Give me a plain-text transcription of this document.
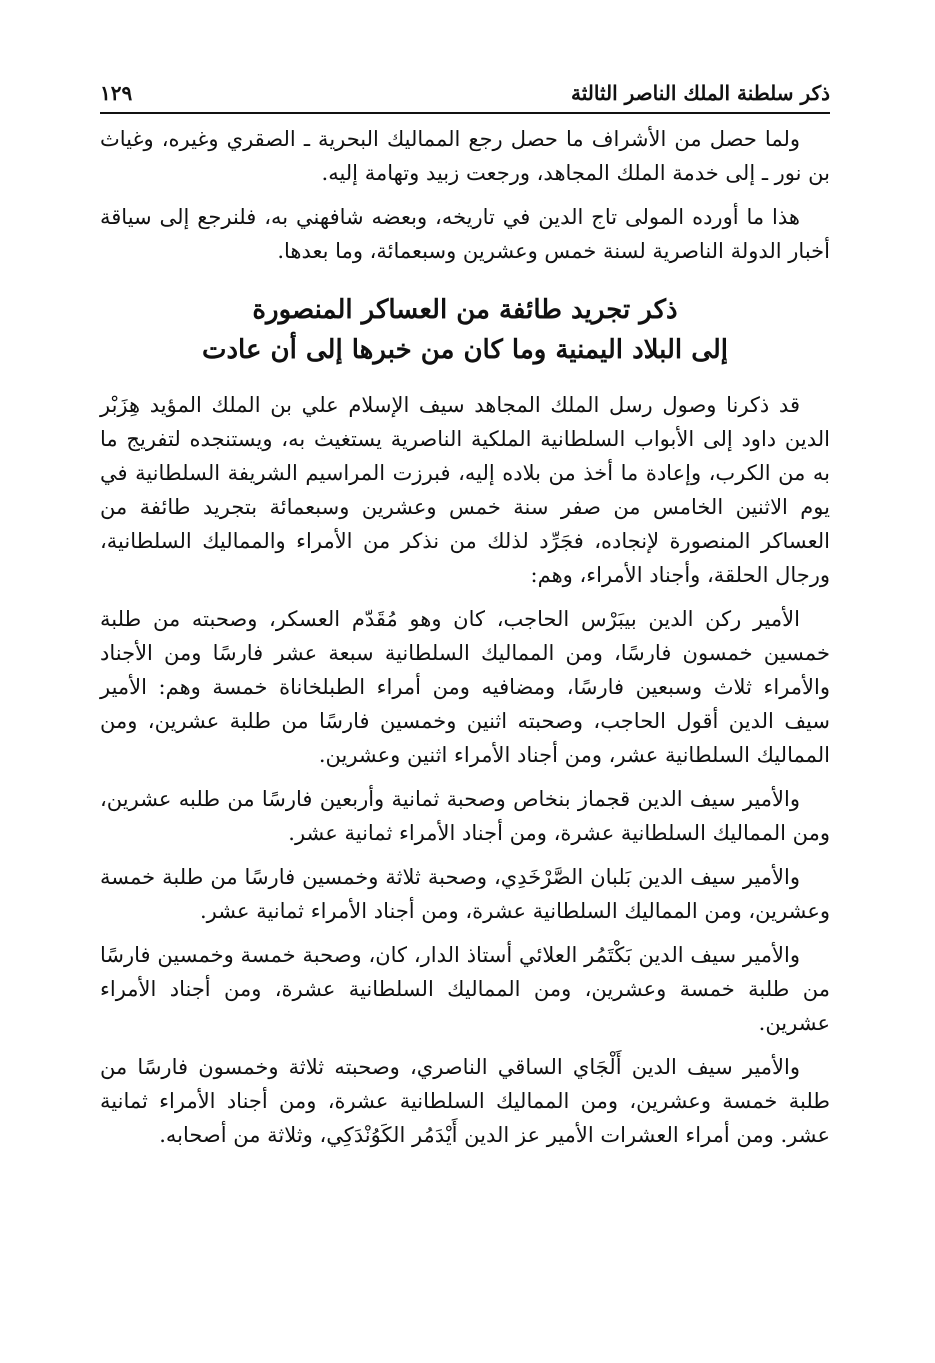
ذكر سلطنة الملك الناصر الثالثة
١٢٩

ولما حصل من الأشراف ما حصل رجع المماليك البحرية ـ الصقري وغيره، وغياث بن نور ـ إلى خدمة الملك المجاهد، ورجعت زبيد وتهامة إليه.

هذا ما أورده المولى تاج الدين في تاريخه، وبعضه شافهني به، فلنرجع إلى سياقة أخبار الدولة الناصرية لسنة خمس وعشرين وسبعمائة، وما بعدها.

ذكر تجريد طائفة من العساكر المنصورة
إلى البلاد اليمنية وما كان من خبرها إلى أن عادت

قد ذكرنا وصول رسل الملك المجاهد سيف الإسلام علي بن الملك المؤيد هِزَبْر الدين داود إلى الأبواب السلطانية الملكية الناصرية يستغيث به، ويستنجده لتفريج ما به من الكرب، وإعادة ما أخذ من بلاده إليه، فبرزت المراسيم الشريفة السلطانية في يوم الاثنين الخامس من صفر سنة خمس وعشرين وسبعمائة بتجريد طائفة من العساكر المنصورة لإنجاده، فجَرِّد لذلك من نذكر من الأمراء والمماليك السلطانية، ورجال الحلقة، وأجناد الأمراء، وهم:

الأمير ركن الدين بيبَرْس الحاجب، كان وهو مُقَدّم العسكر، وصحبته من طلبة خمسين خمسون فارسًا، ومن المماليك السلطانية سبعة عشر فارسًا ومن الأجناد والأمراء ثلاث وسبعين فارسًا، ومضافيه ومن أمراء الطبلخاناة خمسة وهم: الأمير سيف الدين أقول الحاجب، وصحبته اثنين وخمسين فارسًا من طلبة عشرين، ومن المماليك السلطانية عشر، ومن أجناد الأمراء اثنين وعشرين.

والأمير سيف الدين قجماز بنخاص وصحبة ثمانية وأربعين فارسًا من طلبه عشرين، ومن المماليك السلطانية عشرة، ومن أجناد الأمراء ثمانية عشر.

والأمير سيف الدين بَلبان الصَّرْخَدِي، وصحبة ثلاثة وخمسين فارسًا من طلبة خمسة وعشرين، ومن المماليك السلطانية عشرة، ومن أجناد الأمراء ثمانية عشر.

والأمير سيف الدين بَكْتَمُر العلائي أستاذ الدار، كان، وصحبة خمسة وخمسين فارسًا من طلبة خمسة وعشرين، ومن المماليك السلطانية عشرة، ومن أجناد الأمراء عشرين.

والأمير سيف الدين أَلْجَاي الساقي الناصري، وصحبته ثلاثة وخمسون فارسًا من طلبة خمسة وعشرين، ومن المماليك السلطانية عشرة، ومن أجناد الأمراء ثمانية عشر. ومن أمراء العشرات الأمير عز الدين أَيْدَمُر الكَوُنْدَكِي، وثلاثة من أصحابه.
